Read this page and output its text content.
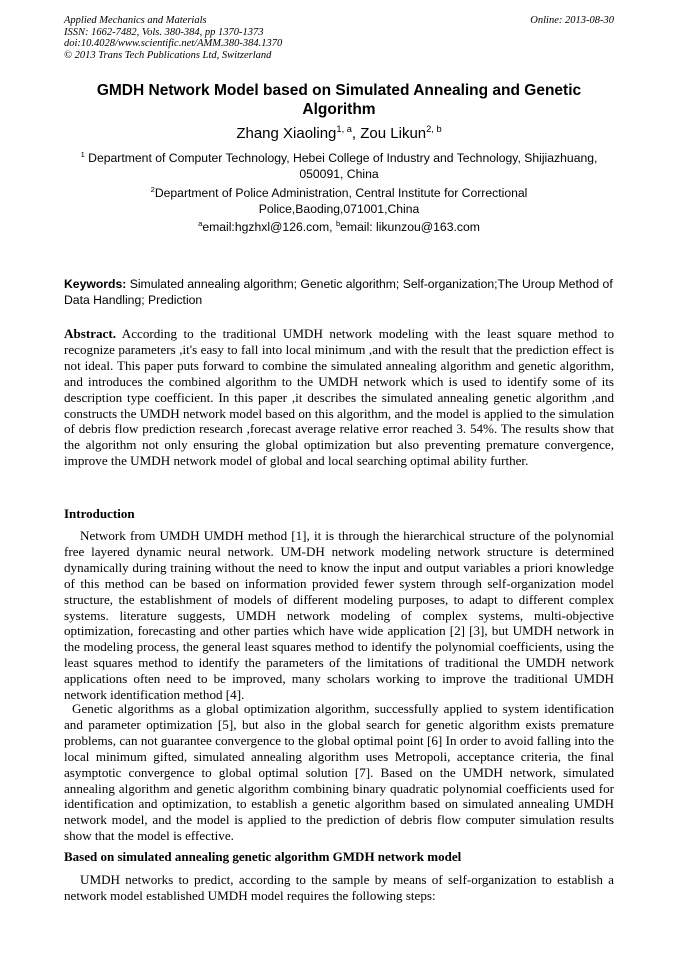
Applied Mechanics and Materials
ISSN: 1662-7482, Vols. 380-384, pp 1370-1373
doi:10.4028/www.scientific.net/AMM.380-384.1370
© 2013 Trans Tech Publications Ltd, Switzerland
Online: 2013-08-30
GMDH Network Model based on Simulated Annealing and Genetic Algorithm
Zhang Xiaoling$^{1, a}$, Zou Likun$^{2, b}$
$^1$ Department of Computer Technology, Hebei College of Industry and Technology, Shijiazhuang, 050091, China
$^2$Department of Police Administration, Central Institute for Correctional Police,Baoding,071001,China
$^a$email:hgzhxl@126.com, $^b$email: likunzou@163.com
Keywords: Simulated annealing algorithm; Genetic algorithm; Self-organization;The Uroup Method of Data Handling; Prediction
Abstract. According to the traditional UMDH network modeling with the least square method to recognize parameters ,it's easy to fall into local minimum ,and with the result that the prediction effect is not ideal. This paper puts forward to combine the simulated annealing algorithm and genetic algorithm, and introduces the combined algorithm to the UMDH network which is used to identify some of its description type coefficient. In this paper ,it describes the simulated annealing genetic algorithm ,and constructs the UMDH network model based on this algorithm, and the model is applied to the simulation of debris flow prediction research ,forecast average relative error reached 3. 54%. The results show that the algorithm not only ensuring the global optimization but also preventing premature convergence, improve the UMDH network model of global and local searching optimal ability further.
Introduction
Network from UMDH UMDH method [1], it is through the hierarchical structure of the polynomial free layered dynamic neural network. UM-DH network modeling network structure is determined dynamically during training without the need to know the input and output variables a priori knowledge of this method can be based on information provided fewer system through self-organization model structure, the establishment of models of different modeling purposes, to adapt to different complex systems. literature suggests, UMDH network modeling of complex systems, multi-objective optimization, forecasting and other parties which have wide application [2] [3], but UMDH network in the modeling process, the general least squares method to identify the polynomial coefficients, using the least squares method to identify the parameters of the limitations of traditional the UMDH network applications often need to be improved, many scholars working to improve the traditional UMDH network identification method [4].
Genetic algorithms as a global optimization algorithm, successfully applied to system identification and parameter optimization [5], but also in the global search for genetic algorithm exists premature problems, can not guarantee convergence to the global optimal point [6] In order to avoid falling into the local minimum gifted, simulated annealing algorithm uses Metropoli, acceptance criteria, the final asymptotic convergence to global optimal solution [7]. Based on the UMDH network, simulated annealing algorithm and genetic algorithm combining binary quadratic polynomial coefficients used for identification and optimization, to establish a genetic algorithm based on simulated annealing UMDH network model, and the model is applied to the prediction of debris flow computer simulation results show that the model is effective.
Based on simulated annealing genetic algorithm GMDH network model
UMDH networks to predict, according to the sample by means of self-organization to establish a network model established UMDH model requires the following steps:
